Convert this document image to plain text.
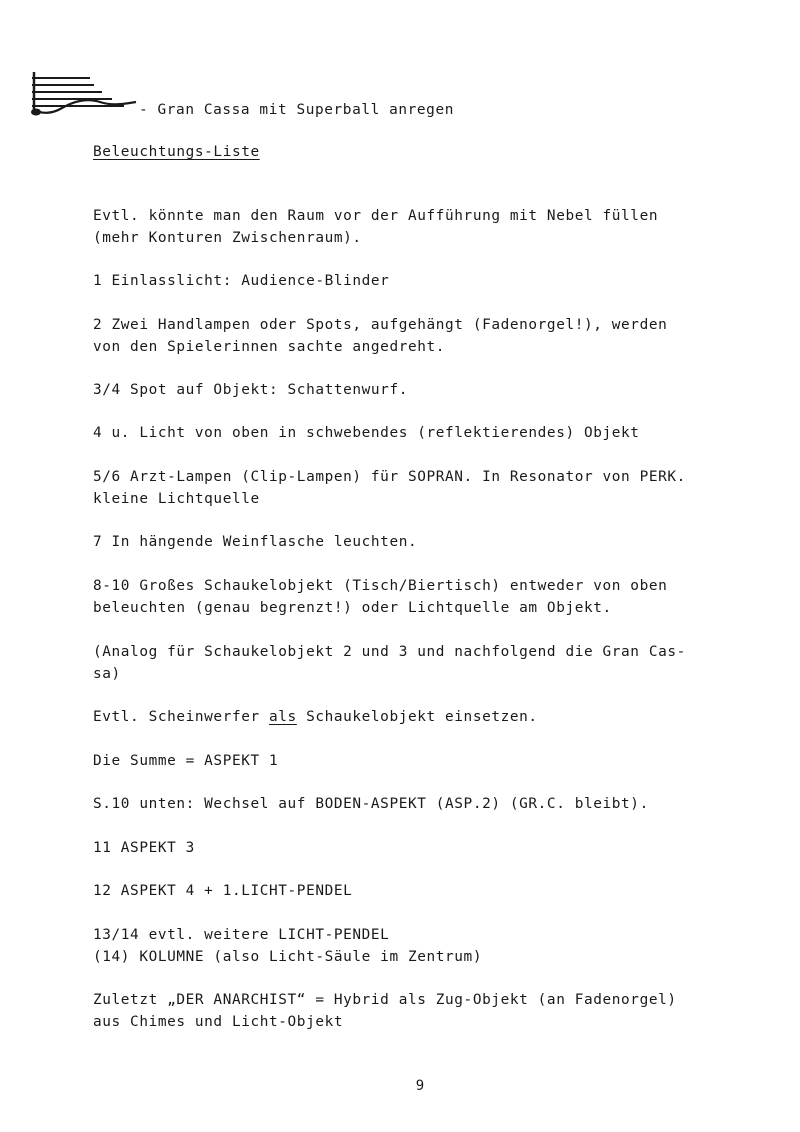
- Gran Cassa mit Superball anregen
Beleuchtungs-Liste
Evtl. könnte man den Raum vor der Aufführung mit Nebel füllen
(mehr Konturen Zwischenraum).
1 Einlasslicht: Audience-Blinder
2 Zwei Handlampen oder Spots, aufgehängt (Fadenorgel!), werden
von den Spielerinnen sachte angedreht.
3/4 Spot auf Objekt: Schattenwurf.
4 u. Licht von oben in schwebendes (reflektierendes) Objekt
5/6 Arzt-Lampen (Clip-Lampen) für SOPRAN. In Resonator von PERK.
kleine Lichtquelle
7 In hängende Weinflasche leuchten.
8-10 Großes Schaukelobjekt (Tisch/Biertisch) entweder von oben
beleuchten (genau begrenzt!) oder Lichtquelle am Objekt.
(Analog für Schaukelobjekt 2 und 3 und nachfolgend die Gran Cas-
sa)
Evtl. Scheinwerfer als Schaukelobjekt einsetzen.
Die Summe = ASPEKT 1
S.10 unten: Wechsel auf BODEN-ASPEKT (ASP.2) (GR.C. bleibt).
11 ASPEKT 3
12 ASPEKT 4 + 1.LICHT-PENDEL
13/14 evtl. weitere LICHT-PENDEL
(14) KOLUMNE (also Licht-Säule im Zentrum)
Zuletzt „DER ANARCHIST“ = Hybrid als Zug-Objekt (an Fadenorgel)
aus Chimes und Licht-Objekt
9
